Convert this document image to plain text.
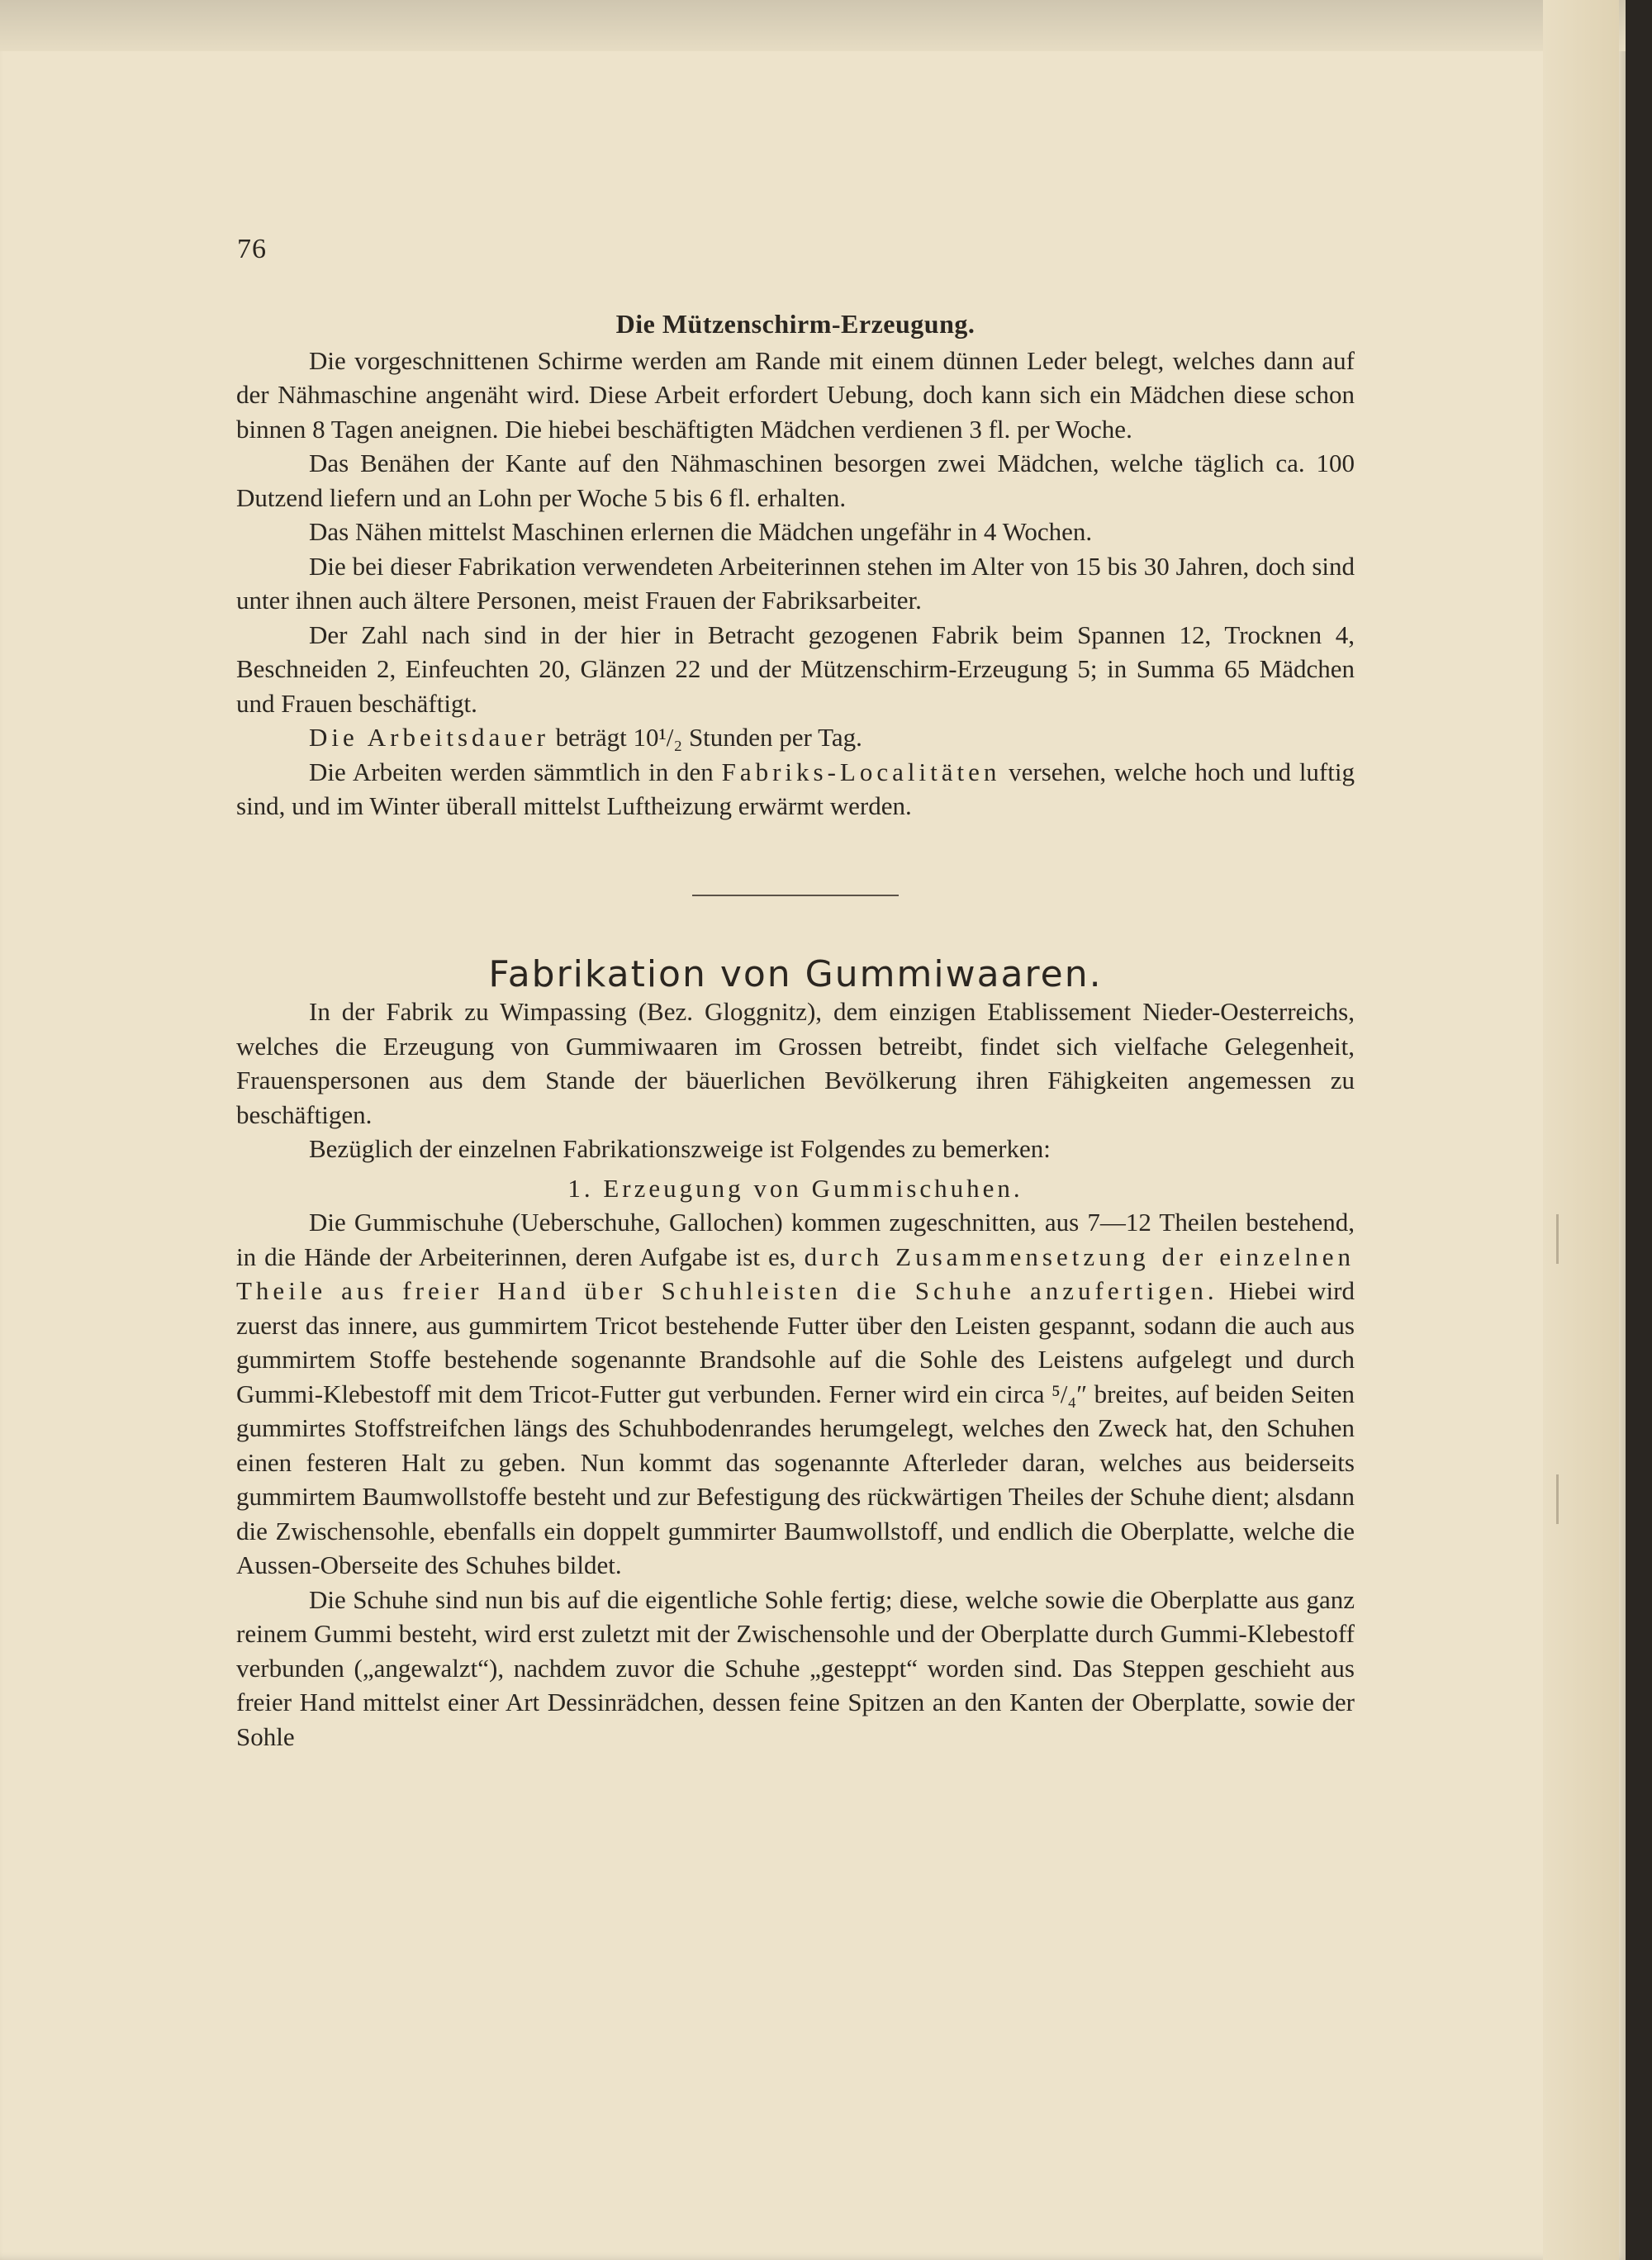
76
Die Mützenschirm-Erzeugung.

Die vorgeschnittenen Schirme werden am Rande mit einem dünnen Leder belegt, welches dann auf der Nähmaschine angenäht wird. Diese Arbeit erfordert Uebung, doch kann sich ein Mädchen diese schon binnen 8 Tagen aneignen. Die hiebei beschäftigten Mädchen verdienen 3 fl. per Woche.

Das Benähen der Kante auf den Nähmaschinen besorgen zwei Mädchen, welche täglich ca. 100 Dutzend liefern und an Lohn per Woche 5 bis 6 fl. erhalten.

Das Nähen mittelst Maschinen erlernen die Mädchen ungefähr in 4 Wochen.

Die bei dieser Fabrikation verwendeten Arbeiterinnen stehen im Alter von 15 bis 30 Jahren, doch sind unter ihnen auch ältere Personen, meist Frauen der Fabriksarbeiter.

Der Zahl nach sind in der hier in Betracht gezogenen Fabrik beim Spannen 12, Trocknen 4, Beschneiden 2, Einfeuchten 20, Glänzen 22 und der Mützenschirm-Erzeugung 5; in Summa 65 Mädchen und Frauen beschäftigt.

Die Arbeitsdauer beträgt 10¹/₂ Stunden per Tag.

Die Arbeiten werden sämmtlich in den Fabriks-Localitäten versehen, welche hoch und luftig sind, und im Winter überall mittelst Luftheizung erwärmt werden.

Fabrikation von Gummiwaaren.

In der Fabrik zu Wimpassing (Bez. Gloggnitz), dem einzigen Etablissement Nieder-Oesterreichs, welches die Erzeugung von Gummiwaaren im Grossen betreibt, findet sich vielfache Gelegenheit, Frauenspersonen aus dem Stande der bäuerlichen Bevölkerung ihren Fähigkeiten angemessen zu beschäftigen.

Bezüglich der einzelnen Fabrikationszweige ist Folgendes zu bemerken:

1. Erzeugung von Gummischuhen.

Die Gummischuhe (Ueberschuhe, Gallochen) kommen zugeschnitten, aus 7—12 Theilen bestehend, in die Hände der Arbeiterinnen, deren Aufgabe ist es, durch Zusammensetzung der einzelnen Theile aus freier Hand über Schuhleisten die Schuhe anzufertigen. Hiebei wird zuerst das innere, aus gummirtem Tricot bestehende Futter über den Leisten gespannt, sodann die auch aus gummirtem Stoffe bestehende sogenannte Brandsohle auf die Sohle des Leistens aufgelegt und durch Gummi-Klebestoff mit dem Tricot-Futter gut verbunden. Ferner wird ein circa ⁵/₄″ breites, auf beiden Seiten gummirtes Stoffstreifchen längs des Schuhbodenrandes herumgelegt, welches den Zweck hat, den Schuhen einen festeren Halt zu geben. Nun kommt das sogenannte Afterleder daran, welches aus beiderseits gummirtem Baumwollstoffe besteht und zur Befestigung des rückwärtigen Theiles der Schuhe dient; alsdann die Zwischensohle, ebenfalls ein doppelt gummirter Baumwollstoff, und endlich die Oberplatte, welche die Aussen-Oberseite des Schuhes bildet.

Die Schuhe sind nun bis auf die eigentliche Sohle fertig; diese, welche sowie die Oberplatte aus ganz reinem Gummi besteht, wird erst zuletzt mit der Zwischensohle und der Oberplatte durch Gummi-Klebestoff verbunden („angewalzt“), nachdem zuvor die Schuhe „gesteppt“ worden sind. Das Steppen geschieht aus freier Hand mittelst einer Art Dessinrädchen, dessen feine Spitzen an den Kanten der Oberplatte, sowie der Sohle
